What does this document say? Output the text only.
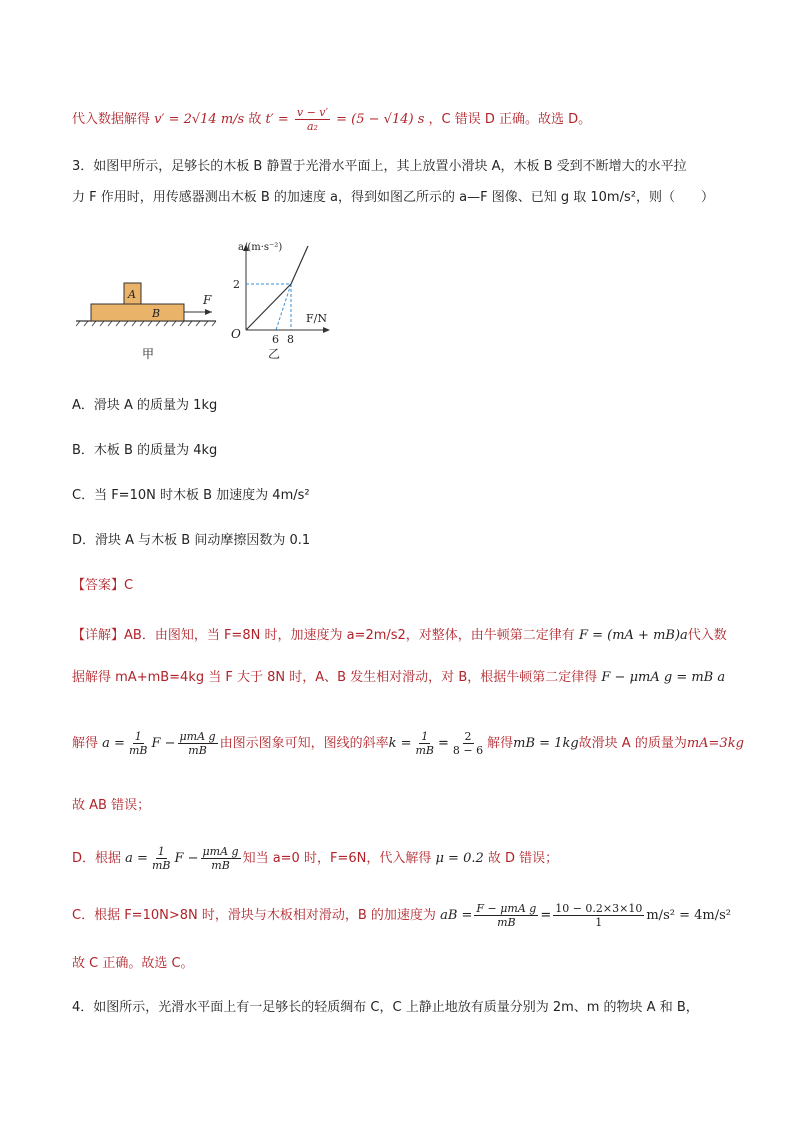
代入数据解得 v′ = 2√14 m/s 故 $t' = \frac{v - v'}{\text{a₂}} = (5 - √14)$ s ，C 错误 D 正确。故选 D。
3．如图甲所示，足够长的木板 B 静置于光滑水平面上，其上放置小滑块 A，木板 B 受到不断增大的水平拉
力 F 作用时，用传感器测出木板 B 的加速度 a，得到如图乙所示的 a—F 图像、已知 g 取 10m/s²，则（　　）
A
B
F
甲
a/(m·s⁻²)
F/N
O
2
6 8
乙
A．滑块 A 的质量为 1kg
B．木板 B 的质量为 4kg
C．当 F=10N 时木板 B 加速度为 4m/s²
D．滑块 A 与木板 B 间动摩擦因数为 0.1
【答案】C
【详解】AB．由图知，当 F=8N 时，加速度为 a=2m/s2，对整体，由牛顿第二定律有 F = (mA + mB)a代入数
据解得 mA+mB=4kg 当 F 大于 8N 时，A、B 发生相对滑动，对 B，根据牛顿第二定律得 F − μmA g = mB a
解得 $a = \frac{1}{mB}$ $F - \frac{\text{μmA g}}{mB}$ 由图示图象可知，图线的斜率$k = \frac{1}{mB} = \frac{2}{8 - 6}$ 解得mB = 1kg故滑块 A 的质量为mA=3kg
故 AB 错误；
D．根据 $a = \frac{1}{mB}$ $F - \frac{\text{μmA g}}{mB}$ 知当 a=0 时，F=6N，代入解得 μ = 0.2 故 D 错误；
C．根据 F=10N>8N 时，滑块与木板相对滑动，B 的加速度为 aB = $\frac{\text{F − μmA g}}{mB} = \frac{10 - 0.2\times 3\times 10}{1} m/s^2 = 4m/s^2$
故 C 正确。故选 C。
4．如图所示，光滑水平面上有一足够长的轻质绸布 C，C 上静止地放有质量分别为 2m、m 的物块 A 和 B，
